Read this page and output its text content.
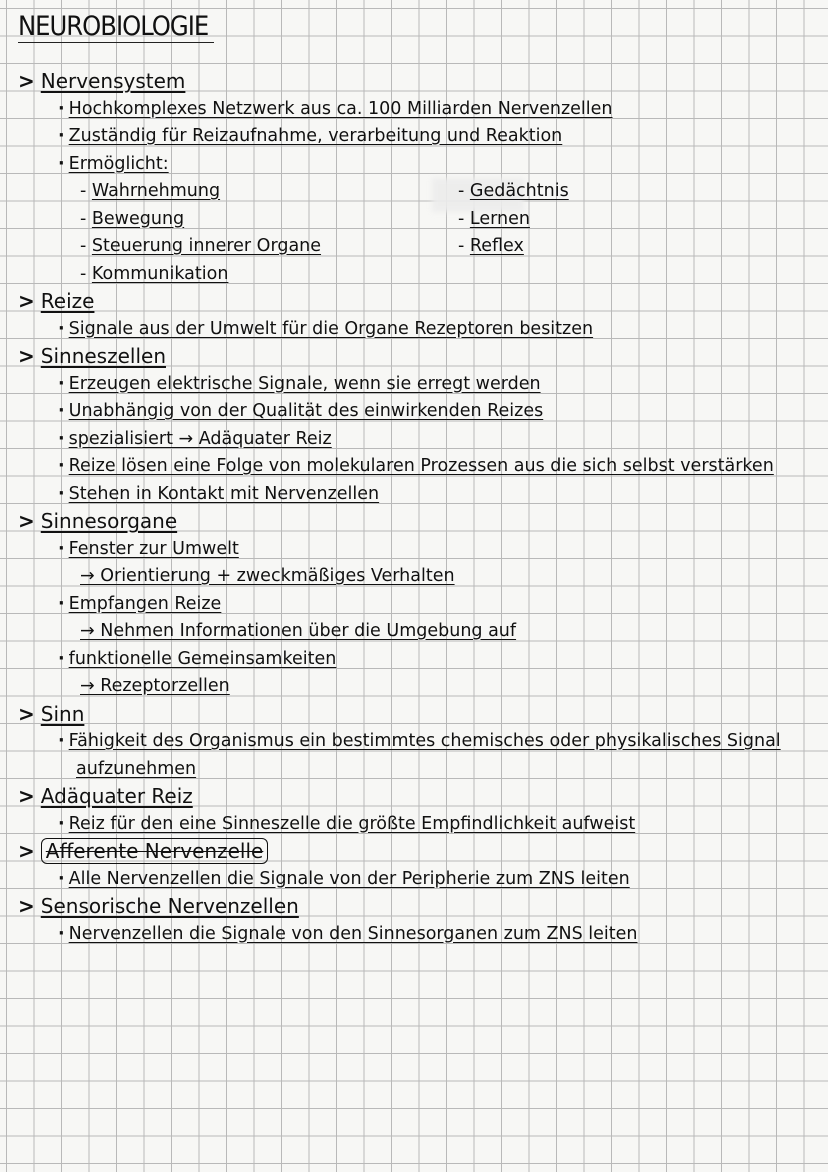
NEUROBIOLOGIE
> Nervensystem
· Hochkomplexes Netzwerk aus ca. 100 Milliarden Nervenzellen
· Zuständig für Reizaufnahme, verarbeitung und Reaktion
· Ermöglicht:
- Wahrnehmung	- Gedächtnis
- Bewegung	- Lernen
- Steuerung innerer Organe	- Reflex
- Kommunikation
> Reize
· Signale aus der Umwelt für die Organe Rezeptoren besitzen
> Sinneszellen
· Erzeugen elektrische Signale, wenn sie erregt werden
· Unabhängig von der Qualität des einwirkenden Reizes
· spezialisiert → Adäquater Reiz
· Reize lösen eine Folge von molekularen Prozessen aus die sich selbst verstärken
· Stehen in Kontakt mit Nervenzellen
> Sinnesorgane
· Fenster zur Umwelt
→ Orientierung + zweckmäßiges Verhalten
· Empfangen Reize
→ Nehmen Informationen über die Umgebung auf
· funktionelle Gemeinsamkeiten
→ Rezeptorzellen
> Sinn
· Fähigkeit des Organismus ein bestimmtes chemisches oder physikalisches Signal aufzunehmen
> Adäquater Reiz
· Reiz für den eine Sinneszelle die größte Empfindlichkeit aufweist
> Afferente Nervenzelle
· Alle Nervenzellen die Signale von der Peripherie zum ZNS leiten
> Sensorische Nervenzellen
· Nervenzellen die Signale von den Sinnesorganen zum ZNS leiten
